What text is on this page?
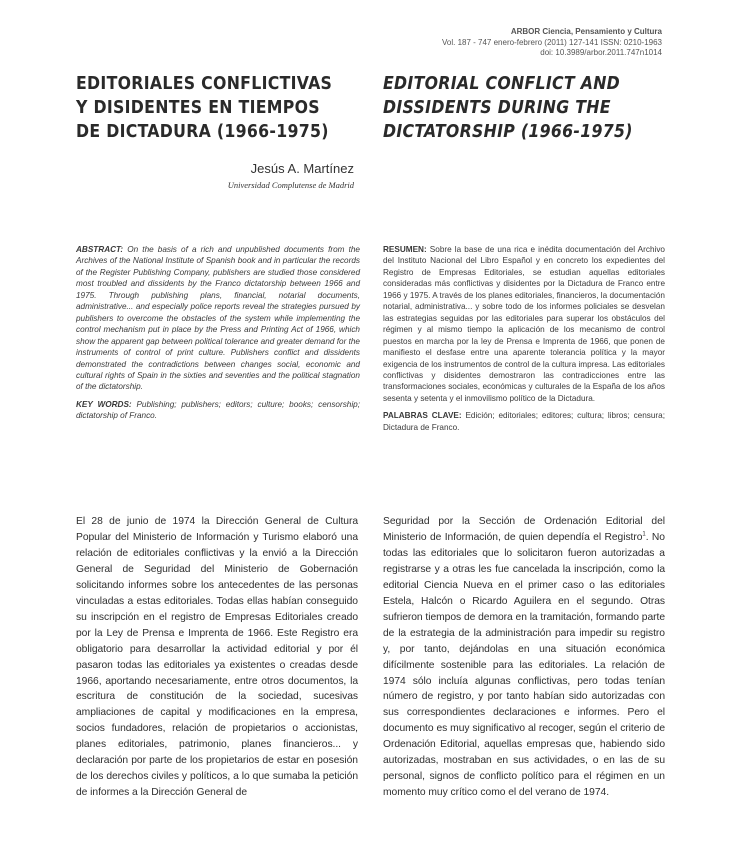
ARBOR Ciencia, Pensamiento y Cultura
Vol. 187 - 747 enero-febrero (2011) 127-141 ISSN: 0210-1963
doi: 10.3989/arbor.2011.747n1014
EDITORIALES CONFLICTIVAS
Y DISIDENTES EN TIEMPOS
DE DICTADURA (1966-1975)
EDITORIAL CONFLICT AND
DISSIDENTS DURING THE
DICTATORSHIP (1966-1975)
Jesús A. Martínez
Universidad Complutense de Madrid
ABSTRACT: On the basis of a rich and unpublished documents from the Archives of the National Institute of Spanish book and in particular the records of the Register Publishing Company, publishers are studied those considered most troubled and dissidents by the Franco dictatorship between 1966 and 1975. Through publishing plans, financial, notarial documents, administrative... and especially police reports reveal the strategies pursued by publishers to overcome the obstacles of the system while implementing the control mechanism put in place by the Press and Printing Act of 1966, which show the apparent gap between political tolerance and greater demand for the instruments of control of print culture. Publishers conflict and dissidents demonstrated the contradictions between changes social, economic and cultural rights of Spain in the sixties and seventies and the political stagnation of the dictatorship.
KEY WORDS: Publishing; publishers; editors; culture; books; censorship; dictatorship of Franco.
RESUMEN: Sobre la base de una rica e inédita documentación del Archivo del Instituto Nacional del Libro Español y en concreto los expedientes del Registro de Empresas Editoriales, se estudian aquellas editoriales consideradas más conflictivas y disidentes por la Dictadura de Franco entre 1966 y 1975. A través de los planes editoriales, financieros, la documentación notarial, administrativa... y sobre todo de los informes policiales se desvelan las estrategias seguidas por las editoriales para superar los obstáculos del régimen y al mismo tiempo la aplicación de los mecanismo de control puestos en marcha por la ley de Prensa e Imprenta de 1966, que ponen de manifiesto el desfase entre una aparente tolerancia política y la mayor exigencia de los instrumentos de control de la cultura impresa. Las editoriales conflictivas y disidentes demostraron las contradicciones entre las transformaciones sociales, económicas y culturales de la España de los años sesenta y setenta y el inmovilismo político de la Dictadura.
PALABRAS CLAVE: Edición; editoriales; editores; cultura; libros; censura; Dictadura de Franco.

El 28 de junio de 1974 la Dirección General de Cultura Popular del Ministerio de Información y Turismo elaboró una relación de editoriales conflictivas y la envió a la Dirección General de Seguridad del Ministerio de Gobernación solicitando informes sobre los antecedentes de las personas vinculadas a estas editoriales. Todas ellas habían conseguido su inscripción en el registro de Empresas Editoriales creado por la Ley de Prensa e Imprenta de 1966. Este Registro era obligatorio para desarrollar la actividad editorial y por él pasaron todas las editoriales ya existentes o creadas desde 1966, aportando necesariamente, entre otros documentos, la escritura de constitución de la sociedad, sucesivas ampliaciones de capital y modificaciones en la empresa, socios fundadores, relación de propietarios o accionistas, planes editoriales, patrimonio, planes financieros... y declaración por parte de los propietarios de estar en posesión de los derechos civiles y políticos, a lo que sumaba la petición de informes a la Dirección General de

Seguridad por la Sección de Ordenación Editorial del Ministerio de Información, de quien dependía el Registro$^1$. No todas las editoriales que lo solicitaron fueron autorizadas a registrarse y a otras les fue cancelada la inscripción, como la editorial Ciencia Nueva en el primer caso o las editoriales Estela, Halcón o Ricardo Aguilera en el segundo. Otras sufrieron tiempos de demora en la tramitación, formando parte de la estrategia de la administración para impedir su registro y, por tanto, dejándolas en una situación económica difícilmente sostenible para las editoriales. La relación de 1974 sólo incluía algunas conflictivas, pero todas tenían número de registro, y por tanto habían sido autorizadas con sus correspondientes declaraciones e informes. Pero el documento es muy significativo al recoger, según el criterio de Ordenación Editorial, aquellas empresas que, habiendo sido autorizadas, mostraban en sus actividades, o en las de su personal, signos de conflicto político para el régimen en un momento muy crítico como el del verano de 1974.
